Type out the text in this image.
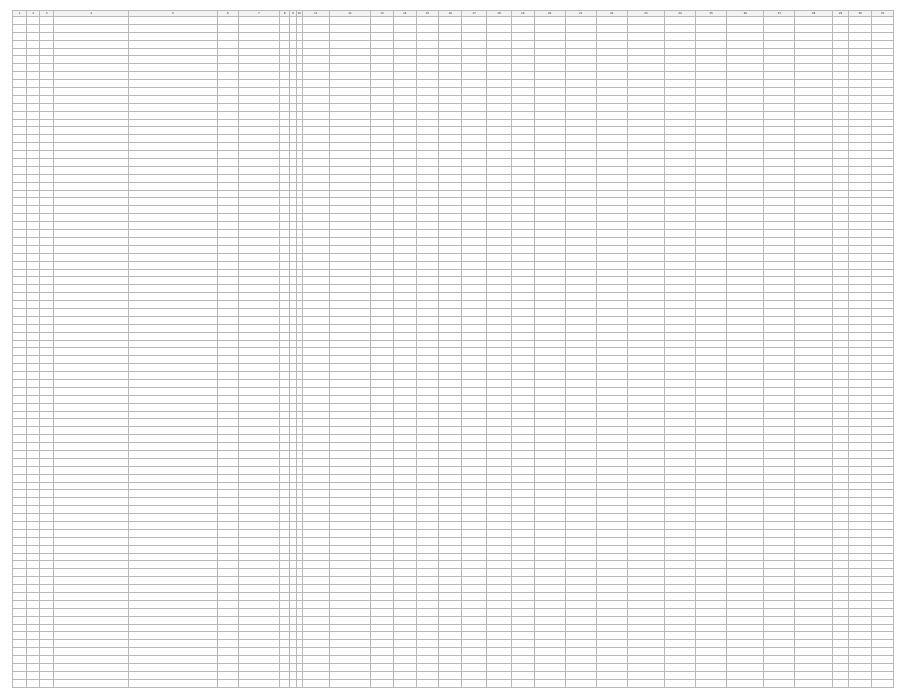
1	2	3	4	5	6	7	8	9	10	11	12	13	14	15	16	17	18	19	20	21	22	23	24	25	26	27	28	29	30	31
